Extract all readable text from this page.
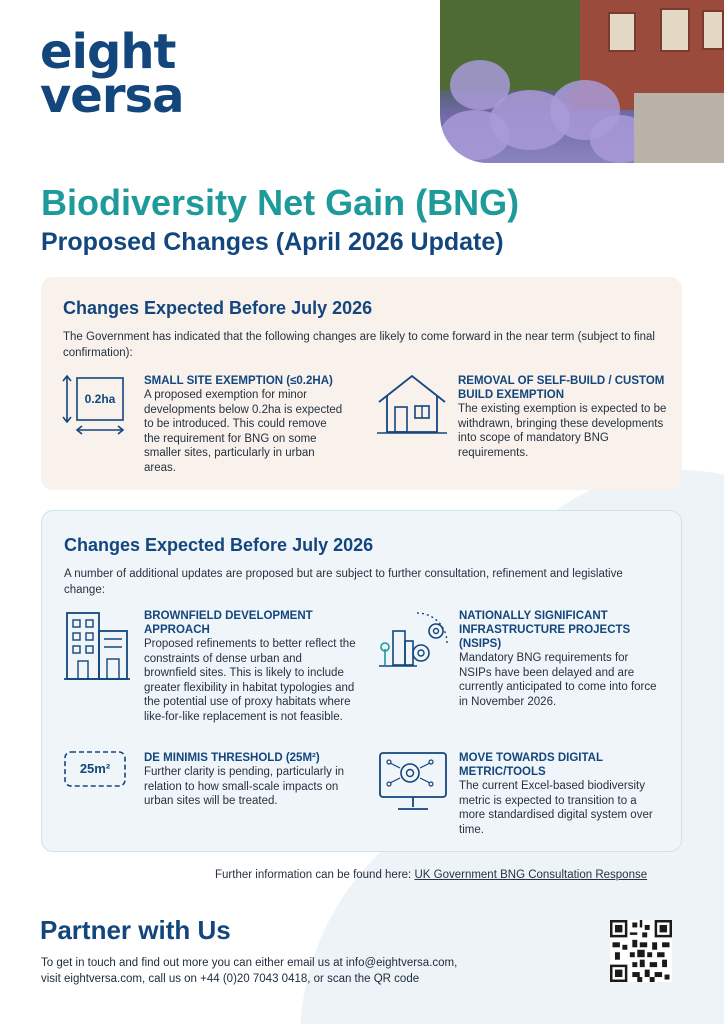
eight
versa
Biodiversity Net Gain (BNG)
Proposed Changes (April 2026 Update)
Changes Expected Before July 2026
The Government has indicated that the following changes are likely to come forward in the near term (subject to final confirmation):
0.2ha
SMALL SITE EXEMPTION (≤0.2HA)
A proposed exemption for minor developments below 0.2ha is expected to be introduced. This could remove the requirement for BNG on some smaller sites, particularly in urban areas.
REMOVAL OF SELF-BUILD / CUSTOM BUILD EXEMPTION
The existing exemption is expected to be withdrawn, bringing these developments into scope of mandatory BNG requirements.
Changes Expected Before July 2026
A number of additional updates are proposed but are subject to further consultation, refinement and legislative change:
BROWNFIELD DEVELOPMENT APPROACH
Proposed refinements to better reflect the constraints of dense urban and brownfield sites. This is likely to include greater flexibility in habitat typologies and the potential use of proxy habitats where like-for-like replacement is not feasible.
NATIONALLY SIGNIFICANT INFRASTRUCTURE PROJECTS (NSIPS)
Mandatory BNG requirements for NSIPs have been delayed and are currently anticipated to come into force in November 2026.
25m²
DE MINIMIS THRESHOLD (25M²)
Further clarity is pending, particularly in relation to how small-scale impacts on urban sites will be treated.
MOVE TOWARDS DIGITAL METRIC/TOOLS
The current Excel-based biodiversity metric is expected to transition to a more standardised digital system over time.
Further information can be found here: UK Government BNG Consultation Response
Partner with Us
To get in touch and find out more you can either email us at info@eightversa.com,
visit eightversa.com, call us on +44 (0)20 7043 0418, or scan the QR code
